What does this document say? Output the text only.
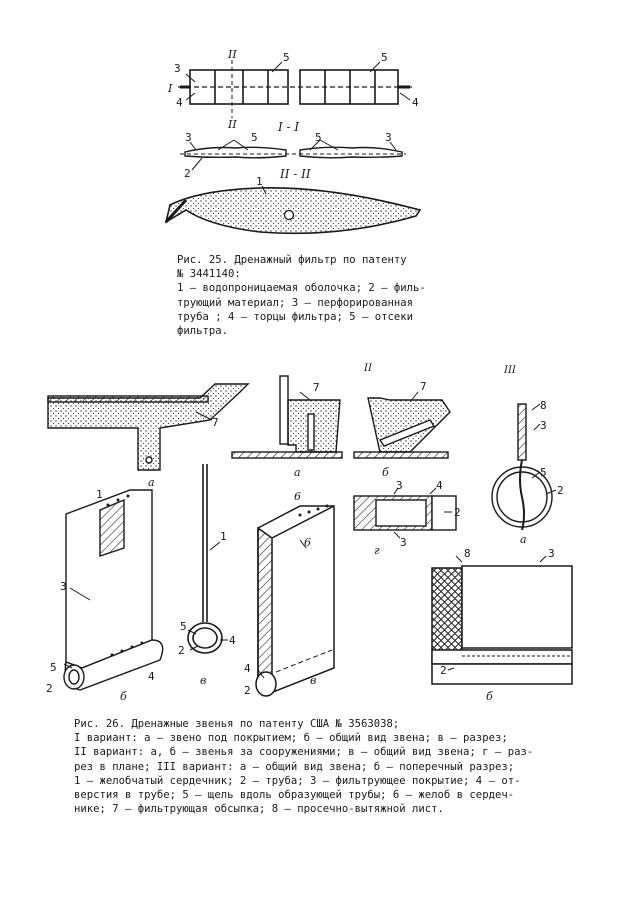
II
II
I
3
4
5	5
4
I - I
3	5	5	3
2	II - II
1
7
а
II
7
а
7
б
III
8
3
5
2
а
3	4
2
3
г
1
3
5
2
4
б
1
5
2
4
в
6
6
4
2
в
8	3
2
б

Рис. 25. Дренажный фильтр по патенту

№ 3441140:

1 – водопроницаемая оболочка; 2 – филь-

трующий материал; 3 – перфорированная

труба ; 4 – торцы фильтра; 5 – отсеки

фильтра.

Рис. 26. Дренажные звенья по патенту США № 3563038;

I вариант: а – звено под покрытием; б – общий вид звена; в – разрез;

II вариант: а, б – звенья за сооружениями; в – общий вид звена; г – раз-

рез в плане; III вариант: а – общий вид звена; б – поперечный разрез;

1 – желобчатый сердечник; 2 – труба; 3 – фильтрующее покрытие; 4 – от-

верстия в трубе; 5 – щель вдоль образующей трубы; 6 – желоб в сердеч-

нике; 7 – фильтрующая обсыпка; 8 – просечно-вытяжной лист.
